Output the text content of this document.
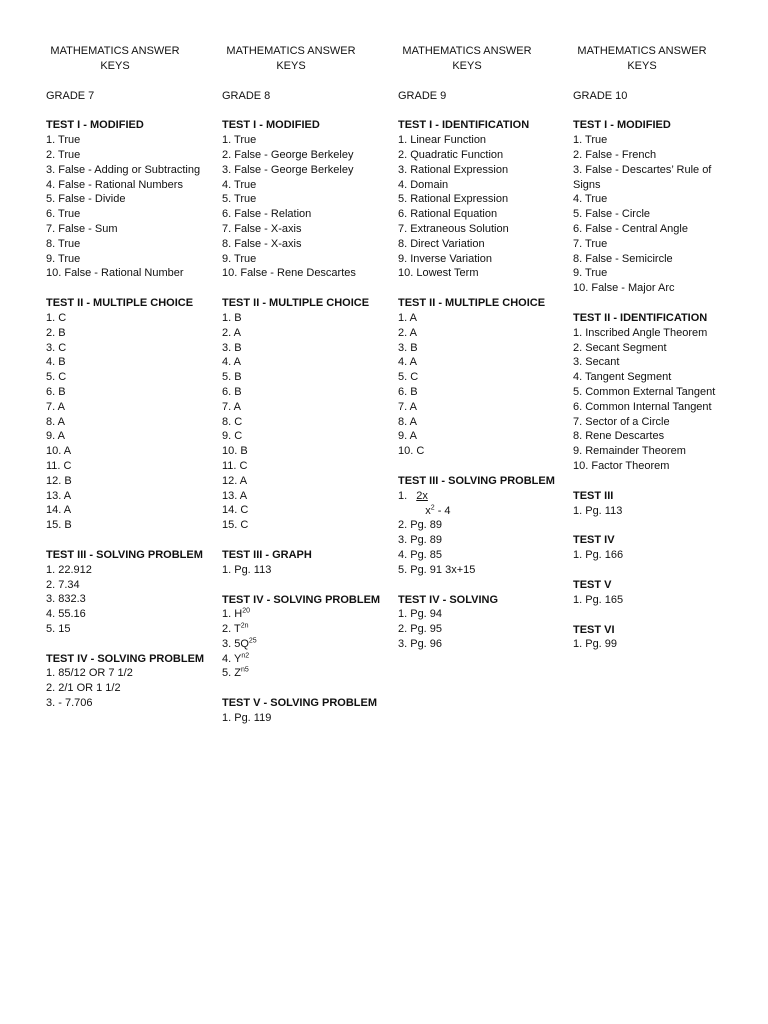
MATHEMATICS ANSWER KEYS
GRADE 7
TEST I - MODIFIED
1. True
2. True
3. False - Adding or Subtracting
4. False - Rational Numbers
5. False - Divide
6. True
7. False - Sum
8. True
9. True
10. False - Rational Number
TEST II - MULTIPLE CHOICE
1. C
2. B
3. C
4. B
5. C
6. B
7. A
8. A
9. A
10. A
11. C
12. B
13. A
14. A
15. B
TEST III - SOLVING PROBLEM
1. 22.912
2. 7.34
3. 832.3
4. 55.16
5. 15
TEST IV - SOLVING PROBLEM
1. 85/12 OR 7 1/2
2. 2/1 OR 1 1/2
3. - 7.706
MATHEMATICS ANSWER KEYS
GRADE 8
TEST I - MODIFIED
1. True
2. False - George Berkeley
3. False - George Berkeley
4. True
5. True
6. False - Relation
7. False - X-axis
8. False - X-axis
9. True
10. False - Rene Descartes
TEST II - MULTIPLE CHOICE
1. B
2. A
3. B
4. A
5. B
6. B
7. A
8. C
9. C
10. B
11. C
12. A
13. A
14. C
15. C
TEST III - GRAPH
1. Pg. 113
TEST IV - SOLVING PROBLEM
1. $H^{20}$
2. $T^{2n}$
3. $5Q^{25}$
4. $Y^{n2}$
5. $Z^{n5}$
TEST V - SOLVING PROBLEM
1. Pg. 119
MATHEMATICS ANSWER KEYS
GRADE 9
TEST I - IDENTIFICATION
1. Linear Function
2. Quadratic Function
3. Rational Expression
4. Domain
5. Rational Expression
6. Rational Equation
7. Extraneous Solution
8. Direct Variation
9. Inverse Variation
10. Lowest Term
TEST II - MULTIPLE CHOICE
1. A
2. A
3. B
4. A
5. C
6. B
7. A
8. A
9. A
10. C
TEST III - SOLVING PROBLEM
1. $\frac{2x}{x^2 - 4}$
2. Pg. 89
3. Pg. 89
4. Pg. 85
5. Pg. 91 3x+15
TEST IV - SOLVING
1. Pg. 94
2. Pg. 95
3. Pg. 96
MATHEMATICS ANSWER KEYS
GRADE 10
TEST I - MODIFIED
1. True
2. False - French
3. False - Descartes’ Rule of Signs
4. True
5. False - Circle
6. False - Central Angle
7. True
8. False - Semicircle
9. True
10. False - Major Arc
TEST II - IDENTIFICATION
1. Inscribed Angle Theorem
2. Secant Segment
3. Secant
4. Tangent Segment
5. Common External Tangent
6. Common Internal Tangent
7. Sector of a Circle
8. Rene Descartes
9. Remainder Theorem
10. Factor Theorem
TEST III
1. Pg. 113
TEST IV
1. Pg. 166
TEST V
1. Pg. 165
TEST VI
1. Pg. 99
